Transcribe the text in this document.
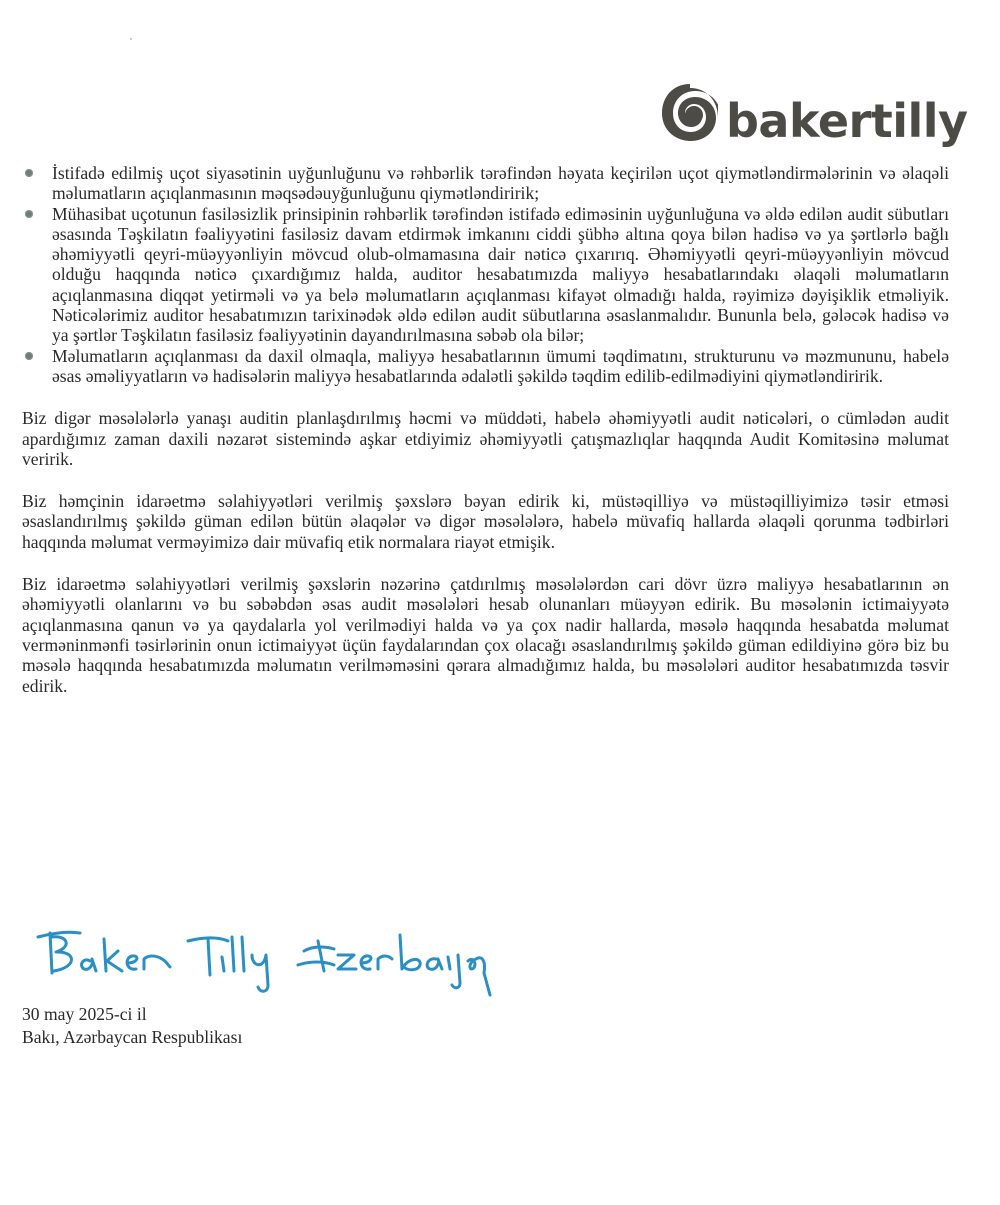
bakertilly
İstifadə edilmiş uçot siyasətinin uyğunluğunu və rəhbərlik tərəfindən həyata keçirilən uçot qiymətləndirmələrinin və əlaqəli məlumatların açıqlanmasının məqsədəuyğunluğunu qiymətləndiririk;
Mühasibat uçotunun fasiləsizlik prinsipinin rəhbərlik tərəfindən istifadə ediməsinin uyğunluğuna və əldə edilən audit sübutları əsasında Təşkilatın fəaliyyətini fasiləsiz davam etdirmək imkanını ciddi şübhə altına qoya bilən hadisə və ya şərtlərlə bağlı əhəmiyyətli qeyri-müəyyənliyin mövcud olub-olmamasına dair nəticə çıxarırıq. Əhəmiyyətli qeyri-müəyyənliyin mövcud olduğu haqqında nəticə çıxardığımız halda, auditor hesabatımızda maliyyə hesabatlarındakı əlaqəli məlumatların açıqlanmasına diqqət yetirməli və ya belə məlumatların açıqlanması kifayət olmadığı halda, rəyimizə dəyişiklik etməliyik. Nəticələrimiz auditor hesabatımızın tarixinədək əldə edilən audit sübutlarına əsaslanmalıdır. Bununla belə, gələcək hadisə və ya şərtlər Təşkilatın fasiləsiz fəaliyyətinin dayandırılmasına səbəb ola bilər;
Məlumatların açıqlanması da daxil olmaqla, maliyyə hesabatlarının ümumi təqdimatını, strukturunu və məzmununu, habelə əsas əməliyyatların və hadisələrin maliyyə hesabatlarında ədalətli şəkildə təqdim edilib-edilmədiyini qiymətləndiririk.

Biz digər məsələlərlə yanaşı auditin planlaşdırılmış həcmi və müddəti, habelə əhəmiyyətli audit nəticələri, o cümlədən audit apardığımız zaman daxili nəzarət sistemində aşkar etdiyimiz əhəmiyyətli çatışmazlıqlar haqqında Audit Komitəsinə məlumat veririk.

Biz həmçinin idarəetmə səlahiyyətləri verilmiş şəxslərə bəyan edirik ki, müstəqilliyə və müstəqilliyimizə təsir etməsi əsaslandırılmış şəkildə güman edilən bütün əlaqələr və digər məsələlərə, habelə müvafiq hallarda əlaqəli qorunma tədbirləri haqqında məlumat verməyimizə dair müvafiq etik normalara riayət etmişik.

Biz idarəetmə səlahiyyətləri verilmiş şəxslərin nəzərinə çatdırılmış məsələlərdən cari dövr üzrə maliyyə hesabatlarının ən əhəmiyyətli olanlarını və bu səbəbdən əsas audit məsələləri hesab olunanları müəyyən edirik. Bu məsələnin ictimaiyyətə açıqlanmasına qanun və ya qaydalarla yol verilmədiyi halda və ya çox nadir hallarda, məsələ haqqında hesabatda məlumat verməninmənfi təsirlərinin onun ictimaiyyət üçün faydalarından çox olacağı əsaslandırılmış şəkildə güman edildiyinə görə biz bu məsələ haqqında hesabatımızda məlumatın verilməməsini qərara almadığımız halda, bu məsələləri auditor hesabatımızda təsvir edirik.

30 may 2025-ci il
Bakı, Azərbaycan Respublikası
